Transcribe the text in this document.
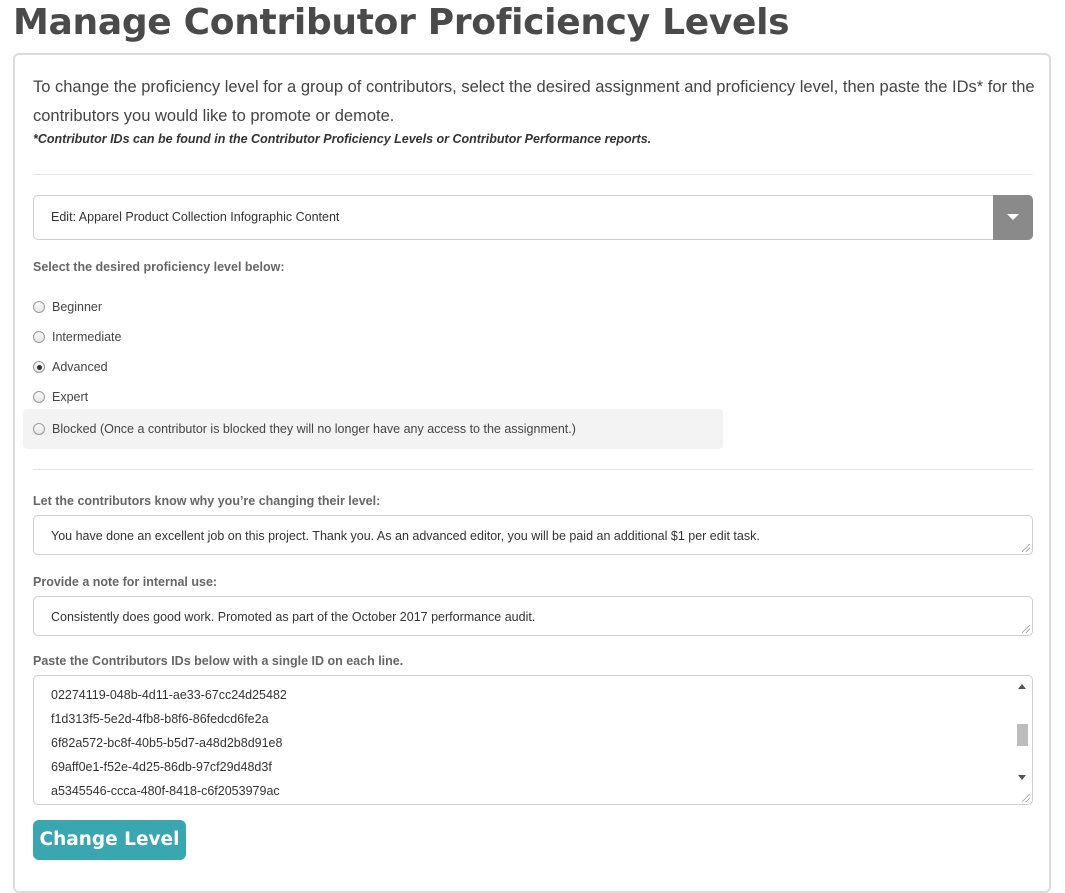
Manage Contributor Proficiency Levels

To change the proficiency level for a group of contributors, select the desired assignment and proficiency level, then paste the IDs* for the contributors you would like to promote or demote.

*Contributor IDs can be found in the Contributor Proficiency Levels or Contributor Performance reports.
Edit: Apparel Product Collection Infographic Content
Select the desired proficiency level below:
Beginner
Intermediate
Advanced
Expert
Blocked (Once a contributor is blocked they will no longer have any access to the assignment.)
Let the contributors know why you’re changing their level:
You have done an excellent job on this project. Thank you. As an advanced editor, you will be paid an additional $1 per edit task.
Provide a note for internal use:
Consistently does good work. Promoted as part of the October 2017 performance audit.
Paste the Contributors IDs below with a single ID on each line.
02274119-048b-4d11-ae33-67cc24d25482
f1d313f5-5e2d-4fb8-b8f6-86fedcd6fe2a
6f82a572-bc8f-40b5-b5d7-a48d2b8d91e8
69aff0e1-f52e-4d25-86db-97cf29d48d3f
a5345546-ccca-480f-8418-c6f2053979ac
Change Level
